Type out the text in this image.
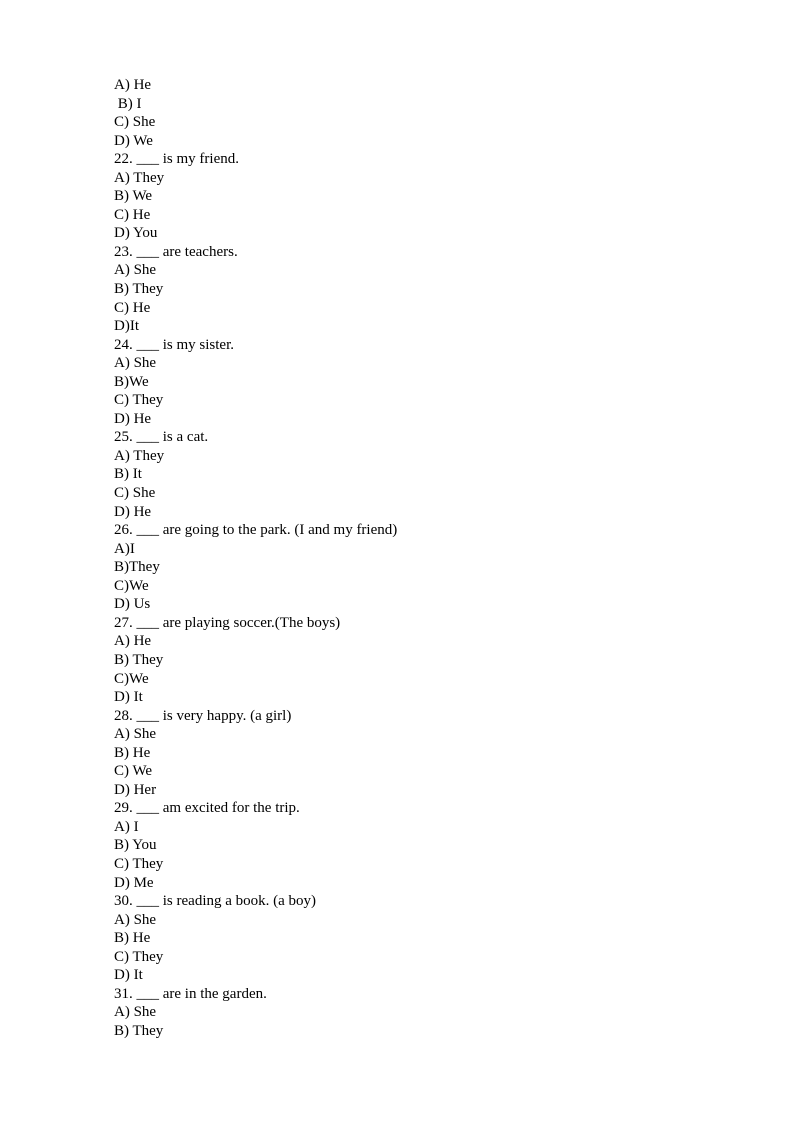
A) He
B) I
C) She
D) We
22. ___ is my friend.
A) They
B) We
C) He
D) You
23. ___ are teachers.
A) She
B) They
C) He
D)It
24. ___ is my sister.
A) She
B)We
C) They
D) He
25. ___ is a cat.
A) They
B) It
C) She
D) He
26. ___ are going to the park. (I and my friend)
A)I
B)They
C)We
D) Us
27. ___ are playing soccer.(The boys)
A) He
B) They
C)We
D) It
28. ___ is very happy. (a girl)
A) She
B) He
C) We
D) Her
29. ___ am excited for the trip.
A) I
B) You
C) They
D) Me
30. ___ is reading a book. (a boy)
A) She
B) He
C) They
D) It
31. ___ are in the garden.
A) She
B) They
